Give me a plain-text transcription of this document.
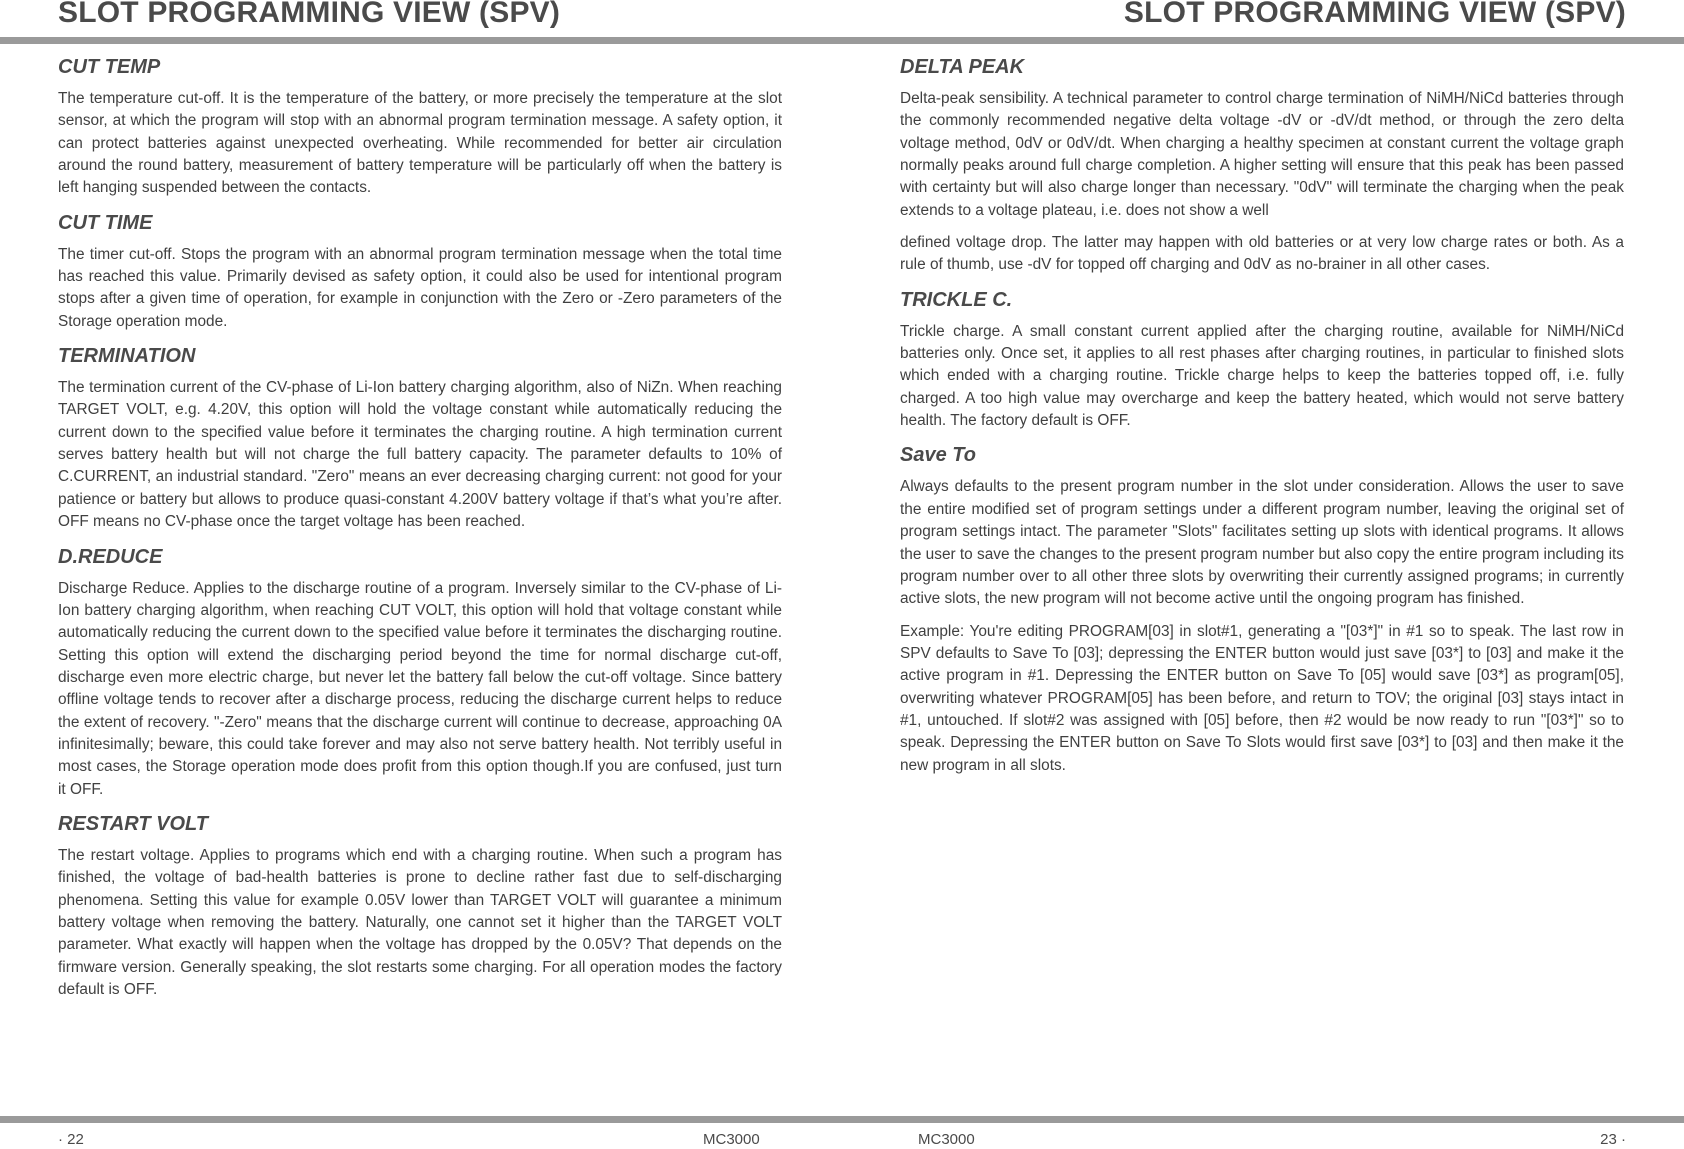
SLOT PROGRAMMING VIEW (SPV)	SLOT PROGRAMMING VIEW (SPV)
CUT TEMP

The temperature cut-off. It is the temperature of the battery, or more precisely the temperature at the slot sensor, at which the program will stop with an abnormal program termination message. A safety option, it can protect batteries against unexpected overheating. While recommended for better air circulation around the round battery, measurement of battery temperature will be particularly off when the battery is left hanging suspended between the contacts.

CUT TIME

The timer cut-off. Stops the program with an abnormal program termination message when the total time has reached this value. Primarily devised as safety option, it could also be used for intentional program stops after a given time of operation, for example in conjunction with the Zero or -Zero parameters of the Storage operation mode.

TERMINATION

The termination current of the CV-phase of Li-Ion battery charging algorithm, also of NiZn. When reaching TARGET VOLT, e.g. 4.20V, this option will hold the voltage constant while automatically reducing the current down to the specified value before it terminates the charging routine. A high termination current serves battery health but will not charge the full battery capacity. The parameter defaults to 10% of C.CURRENT, an industrial standard. "Zero" means an ever decreasing charging current: not good for your patience or battery but allows to produce quasi-constant 4.200V battery voltage if that’s what you’re after. OFF means no CV-phase once the target voltage has been reached.

D.REDUCE

Discharge Reduce. Applies to the discharge routine of a program. Inversely similar to the CV-phase of Li-Ion battery charging algorithm, when reaching CUT VOLT, this option will hold that voltage constant while automatically reducing the current down to the specified value before it terminates the discharging routine. Setting this option will extend the discharging period beyond the time for normal discharge cut-off, discharge even more electric charge, but never let the battery fall below the cut-off voltage. Since battery offline voltage tends to recover after a discharge process, reducing the discharge current helps to reduce the extent of recovery. "-Zero" means that the discharge current will continue to decrease, approaching 0A infinitesimally; beware, this could take forever and may also not serve battery health. Not terribly useful in most cases, the Storage operation mode does profit from this option though.If you are confused, just turn it OFF.

RESTART VOLT

The restart voltage. Applies to programs which end with a charging routine. When such a program has finished, the voltage of bad-health batteries is prone to decline rather fast due to self-discharging phenomena. Setting this value for example 0.05V lower than TARGET VOLT will guarantee a minimum battery voltage when removing the battery. Naturally, one cannot set it higher than the TARGET VOLT parameter. What exactly will happen when the voltage has dropped by the 0.05V? That depends on the firmware version. Generally speaking, the slot restarts some charging. For all operation modes the factory default is OFF.

DELTA PEAK

Delta-peak sensibility. A technical parameter to control charge termination of NiMH/NiCd batteries through the commonly recommended negative delta voltage -dV or -dV/dt method, or through the zero delta voltage method, 0dV or 0dV/dt. When charging a healthy specimen at constant current the voltage graph normally peaks around full charge completion. A higher setting will ensure that this peak has been passed with certainty but will also charge longer than necessary. "0dV" will terminate the charging when the peak extends to a voltage plateau, i.e. does not show a well

defined voltage drop. The latter may happen with old batteries or at very low charge rates or both. As a rule of thumb, use -dV for topped off charging and 0dV as no-brainer in all other cases.

TRICKLE C.

Trickle charge. A small constant current applied after the charging routine, available for NiMH/NiCd batteries only. Once set, it applies to all rest phases after charging routines, in particular to finished slots which ended with a charging routine. Trickle charge helps to keep the batteries topped off, i.e. fully charged. A too high value may overcharge and keep the battery heated, which would not serve battery health. The factory default is OFF.

Save To

Always defaults to the present program number in the slot under consideration. Allows the user to save the entire modified set of program settings under a different program number, leaving the original set of program settings intact. The parameter "Slots" facilitates setting up slots with identical programs. It allows the user to save the changes to the present program number but also copy the entire program including its program number over to all other three slots by overwriting their currently assigned programs; in currently active slots, the new program will not become active until the ongoing program has finished.

Example: You're editing PROGRAM[03] in slot#1, generating a "[03*]" in #1 so to speak. The last row in SPV defaults to Save To [03]; depressing the ENTER button would just save [03*] to [03] and make it the active program in #1. Depressing the ENTER button on Save To [05] would save [03*] as program[05], overwriting whatever PROGRAM[05] has been before, and return to TOV; the original [03] stays intact in #1, untouched. If slot#2 was assigned with [05] before, then #2 would be now ready to run "[03*]" so to speak. Depressing the ENTER button on Save To Slots would first save [03*] to [03] and then make it the new program in all slots.

· 22	MC3000	MC3000	23 ·
